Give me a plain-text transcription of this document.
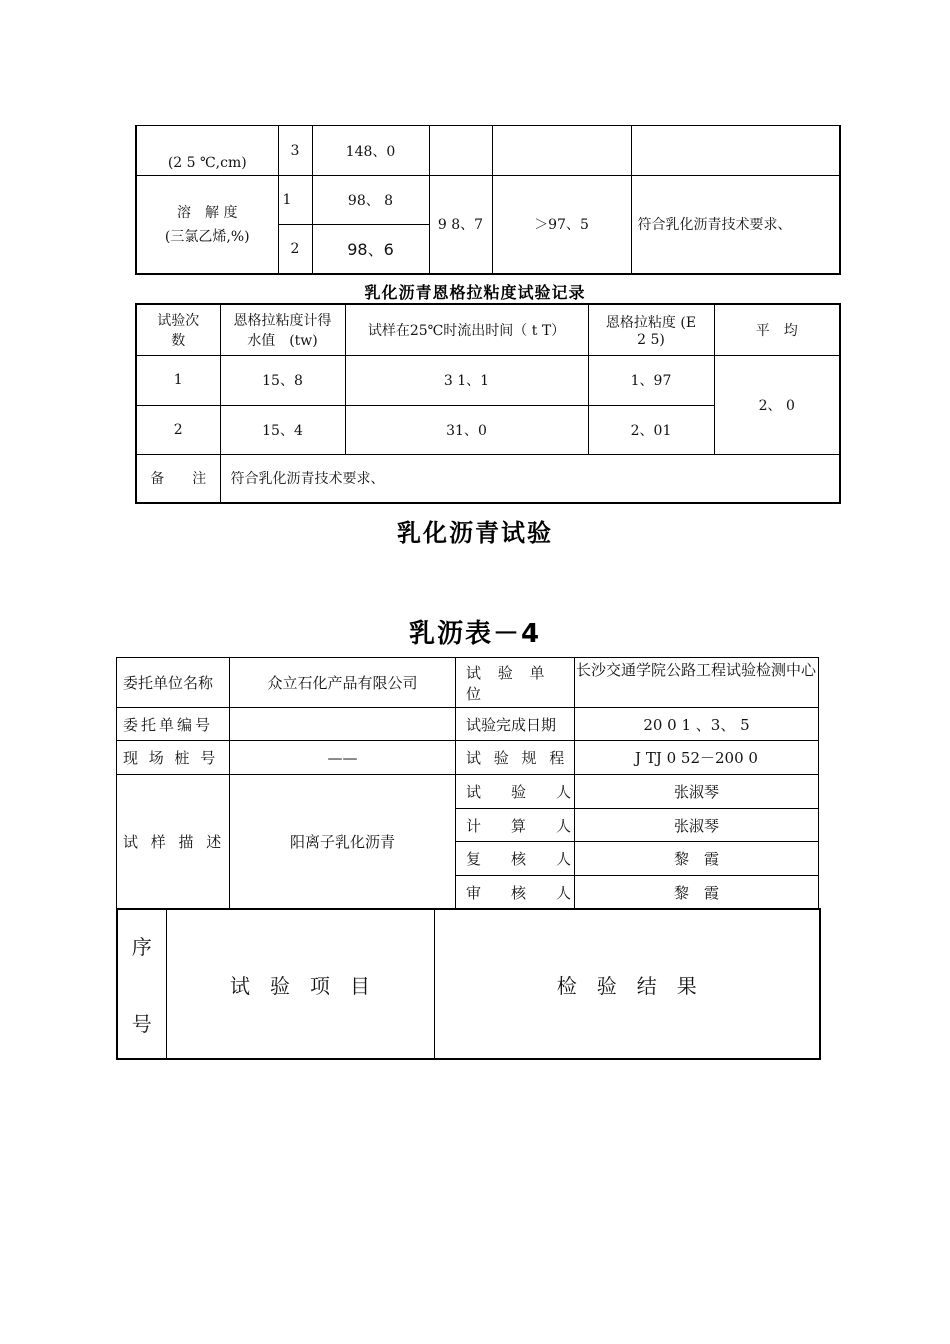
(2 5 ℃,cm)	3	148、0			

溶　解 度
(三氯乙烯,%)	1	98、 8	9 8、7	＞97、5	符合乳化沥青技术要求、
	2	98、6			
乳化沥青恩格拉粘度试验记录
试验次数	恩格拉粘度计得水值　(tw)	试样在25℃时流出时间（ t T）	恩格拉粘度 (E 2 5)	平　均
1	15、8	3 1、1	1、97	2、 0
2	15、4	31、0	2、01	
备　　注	符合乳化沥青技术要求、			
乳化沥青试验
乳沥表－4
委托单位名称	众立石化产品有限公司	试 验 单 位	长沙交通学院公路工程试验检测中心
委托单编号		试验完成日期	20 0 1 、3、 5
现 场 桩 号	——	试 验 规 程	J TJ 0 52－200 0
试 样 描 述	阳离子乳化沥青	试　　验　　人	张淑琴
		计　　算　　人	张淑琴
		复　　核　　人	黎　霞
		审　　核　　人	黎　霞
序
号
	试　验　项　目	检　验　结　果
